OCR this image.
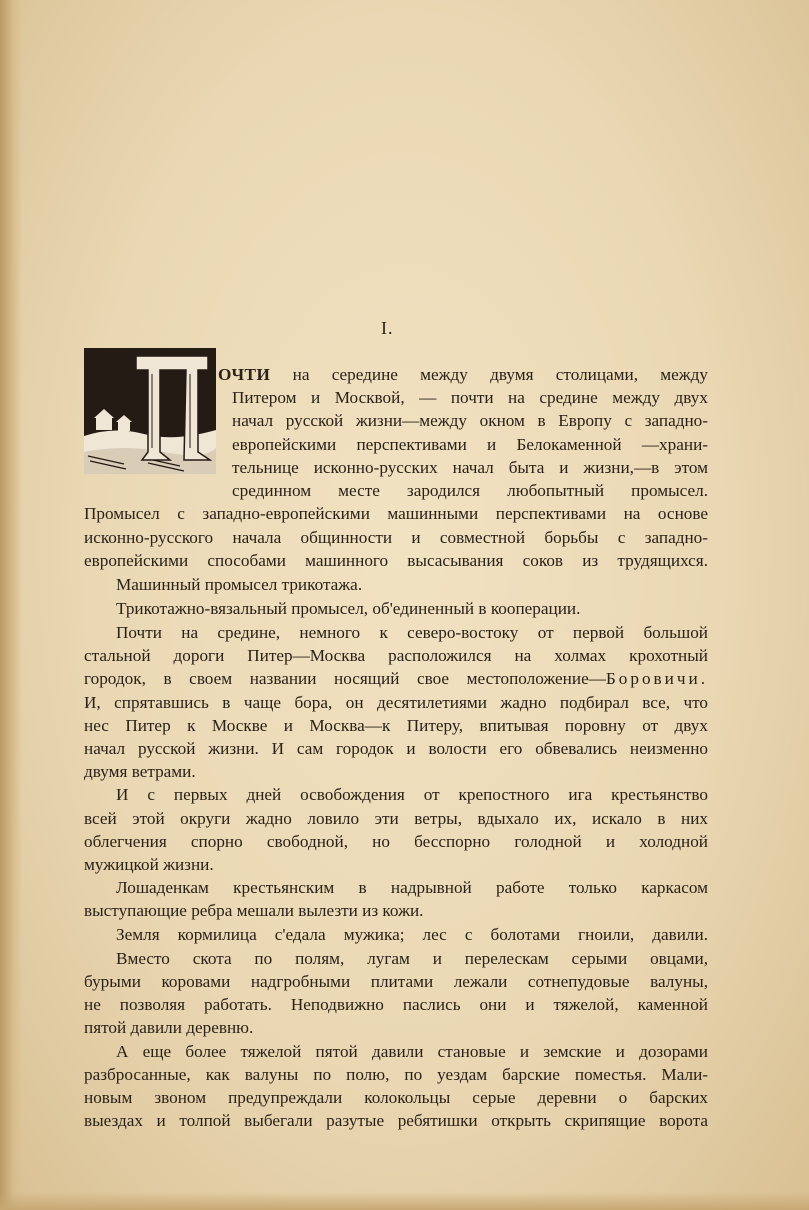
I.
ОЧТИ на середине между двумя столицами, между
Питером и Москвой, — почти на средине между двух
начал русской жизни—между окном в Европу с западно-
европейскими перспективами и Белокаменной —храни-
тельнице исконно-русских начал быта и жизни,—в этом
срединном месте зародился любопытный промысел.
Промысел с западно-европейскими машинными перспективами на основе
исконно-русского начала общинности и совместной борьбы с западно-
европейскими способами машинного высасывания соков из трудящихся.
Машинный промысел трикотажа.
Трикотажно-вязальный промысел, об'единенный в кооперации.
Почти на средине, немного к северо-востоку от первой большой
стальной дороги Питер—Москва расположился на холмах крохотный
городок, в своем названии носящий свое местоположение—Боровичи.
И, спрятавшись в чаще бора, он десятилетиями жадно подбирал все, что
нес Питер к Москве и Москва—к Питеру, впитывая поровну от двух
начал русской жизни. И сам городок и волости его обвевались неизменно
двумя ветрами.
И с первых дней освобождения от крепостного ига крестьянство
всей этой округи жадно ловило эти ветры, вдыхало их, искало в них
облегчения спорно свободной, но бесспорно голодной и холодной
мужицкой жизни.
Лошаденкам крестьянским в надрывной работе только каркасом
выступающие ребра мешали вылезти из кожи.
Земля кормилица с'едала мужика; лес с болотами гноили, давили.
Вместо скота по полям, лугам и перелескам серыми овцами,
бурыми коровами надгробными плитами лежали сотнепудовые валуны,
не позволяя работать. Неподвижно паслись они и тяжелой, каменной
пятой давили деревню.
А еще более тяжелой пятой давили становые и земские и дозорами
разбросанные, как валуны по полю, по уездам барские поместья. Мали-
новым звоном предупреждали колокольцы серые деревни о барских
выездах и толпой выбегали разутые ребятишки открыть скрипящие ворота
